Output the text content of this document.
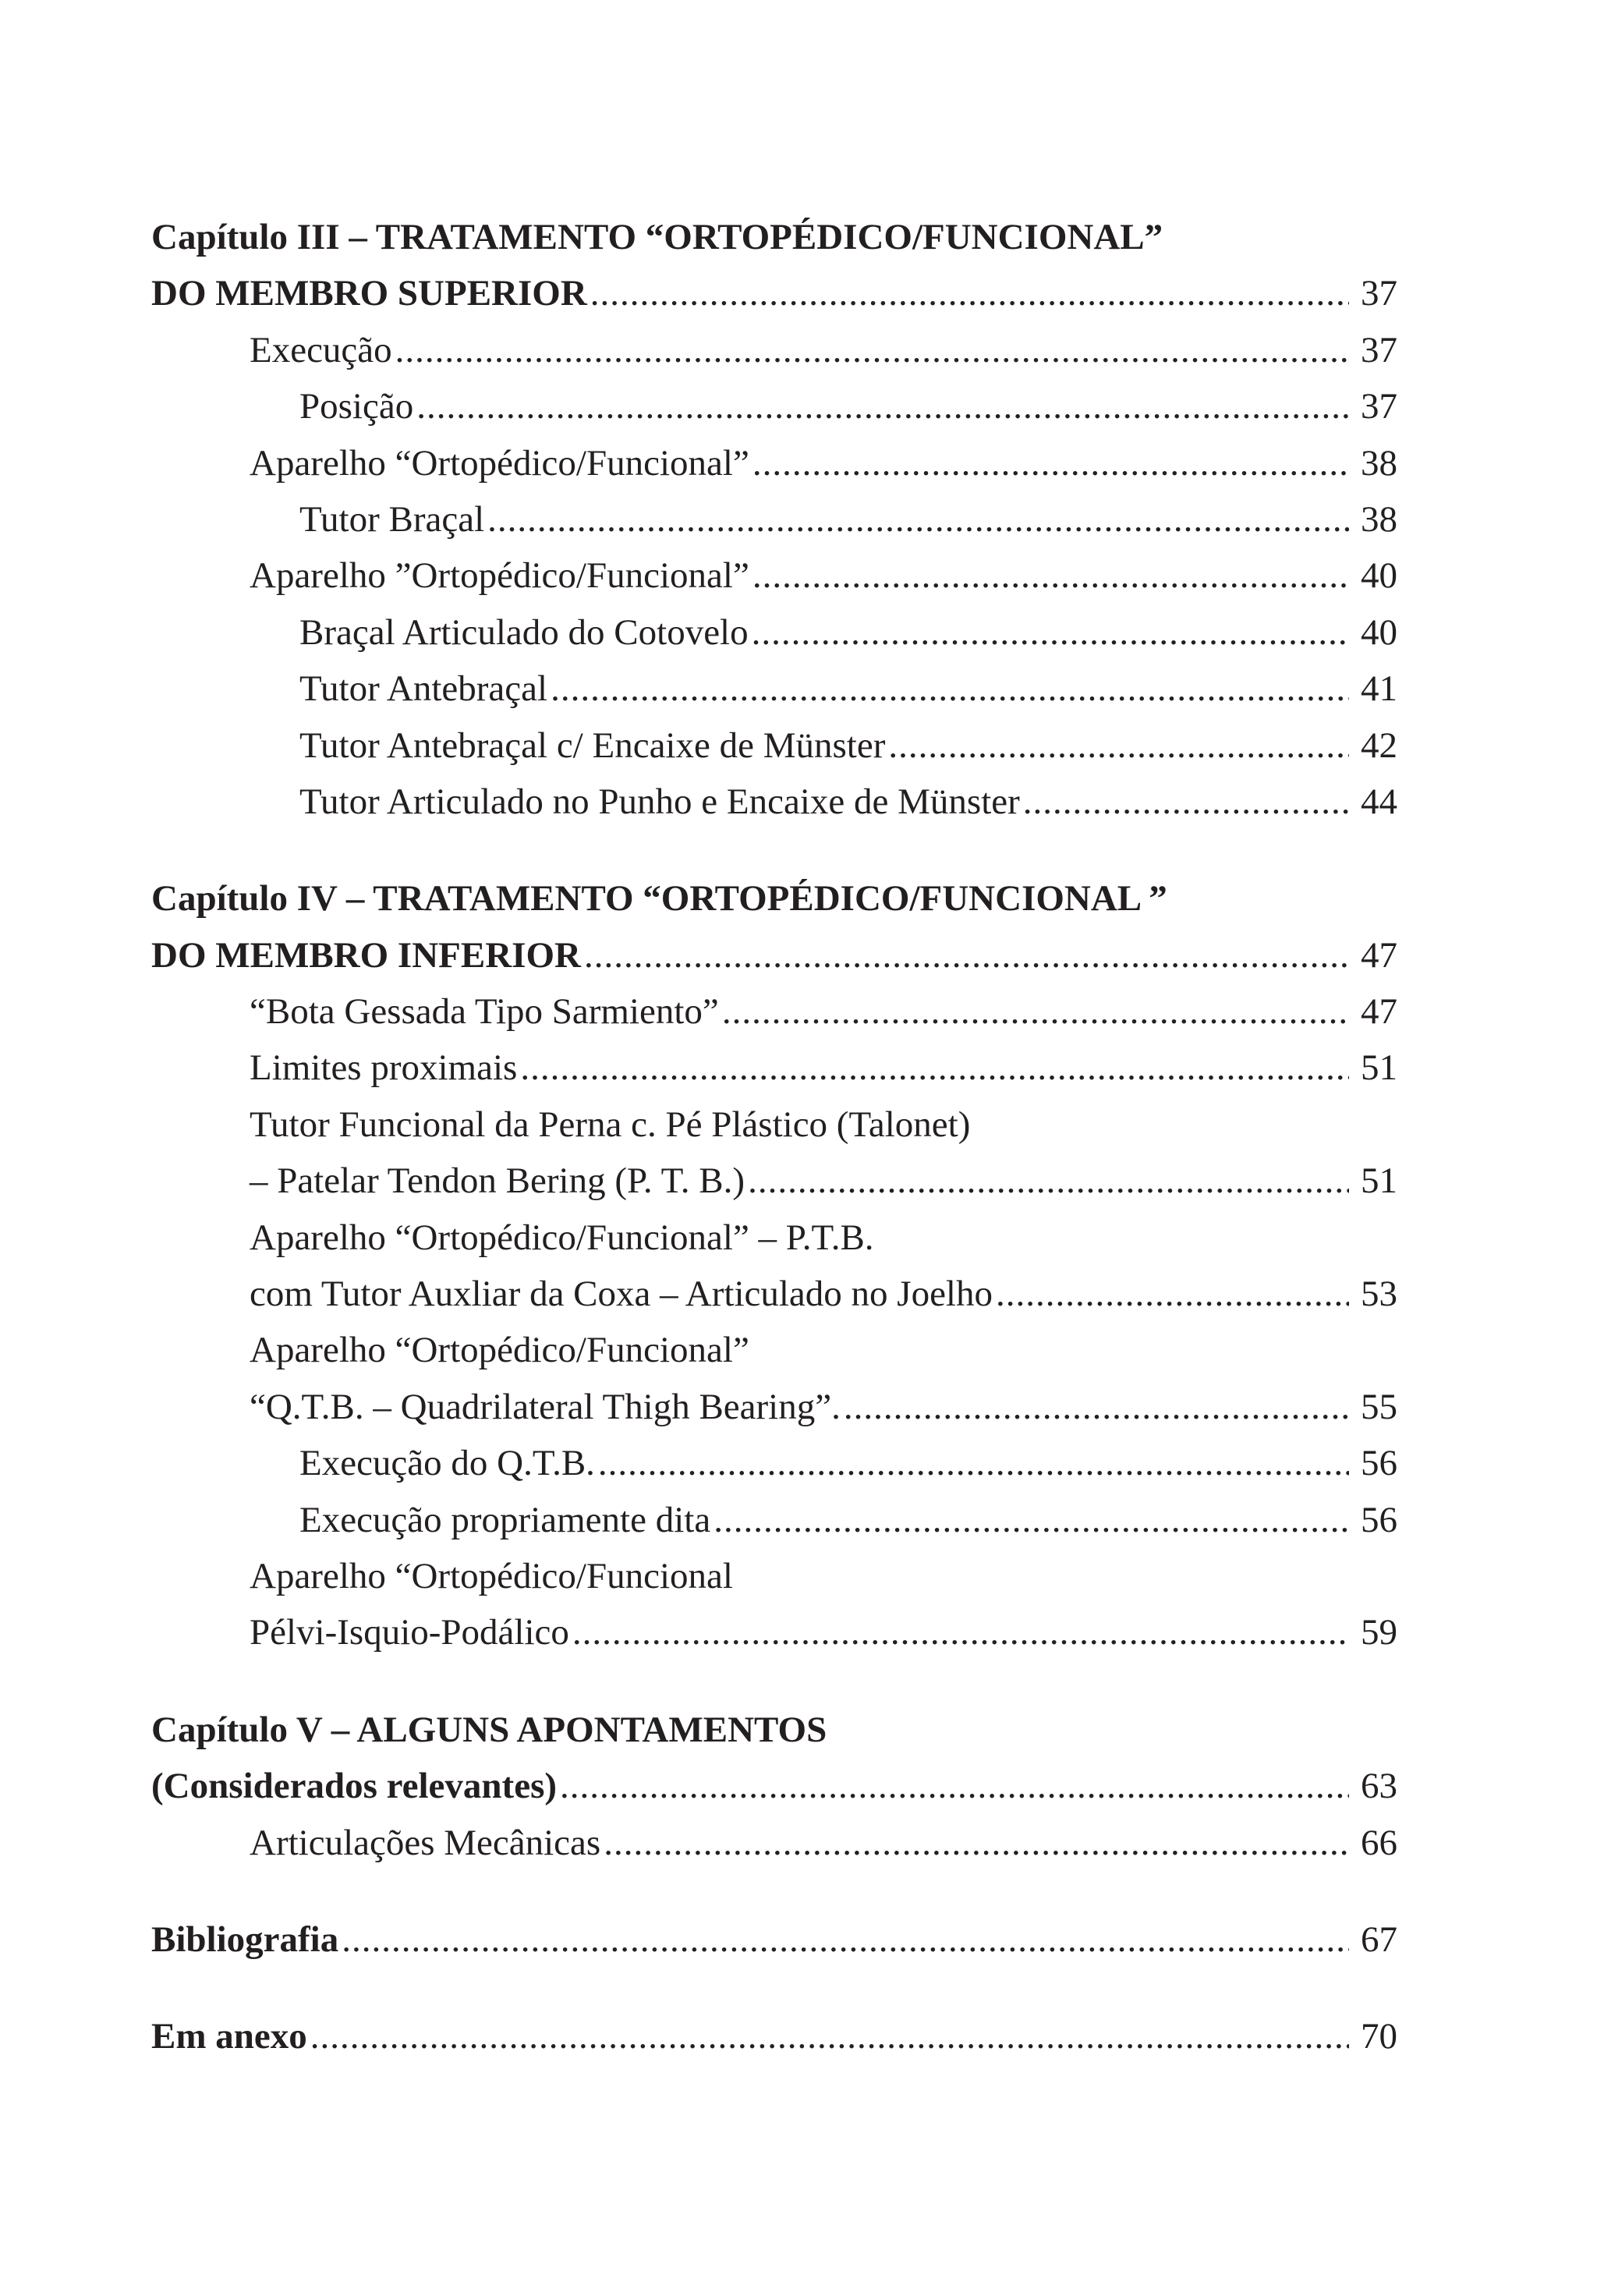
Capítulo III – TRATAMENTO “ORTOPÉDICO/FUNCIONAL”
DO MEMBRO SUPERIOR .....	37
Execução .....	37
Posição .....	37
Aparelho “Ortopédico/Funcional” .....	38
Tutor Braçal .....	38
Aparelho ”Ortopédico/Funcional” .....	40
Braçal Articulado do Cotovelo .....	40
Tutor Antebraçal .....	41
Tutor Antebraçal c/ Encaixe de Münster .....	42
Tutor Articulado no Punho e Encaixe de Münster .....	44
Capítulo IV – TRATAMENTO “ORTOPÉDICO/FUNCIONAL ”
DO MEMBRO INFERIOR .....	47
“Bota Gessada Tipo Sarmiento” .....	47
Limites proximais .....	51
Tutor Funcional da Perna c. Pé Plástico (Talonet)
– Patelar Tendon Bering (P. T. B.) .....	51
Aparelho “Ortopédico/Funcional” – P.T.B.
com Tutor Auxliar da Coxa – Articulado no Joelho .....	53
Aparelho “Ortopédico/Funcional”
“Q.T.B. – Quadrilateral Thigh Bearing”. .....	55
Execução do Q.T.B. .....	56
Execução propriamente dita .....	56
Aparelho “Ortopédico/Funcional
Pélvi-Isquio-Podálico .....	59
Capítulo V – ALGUNS APONTAMENTOS
(Considerados relevantes) .....	63
Articulações Mecânicas .....	66
Bibliografia .....	67
Em anexo .....	70
